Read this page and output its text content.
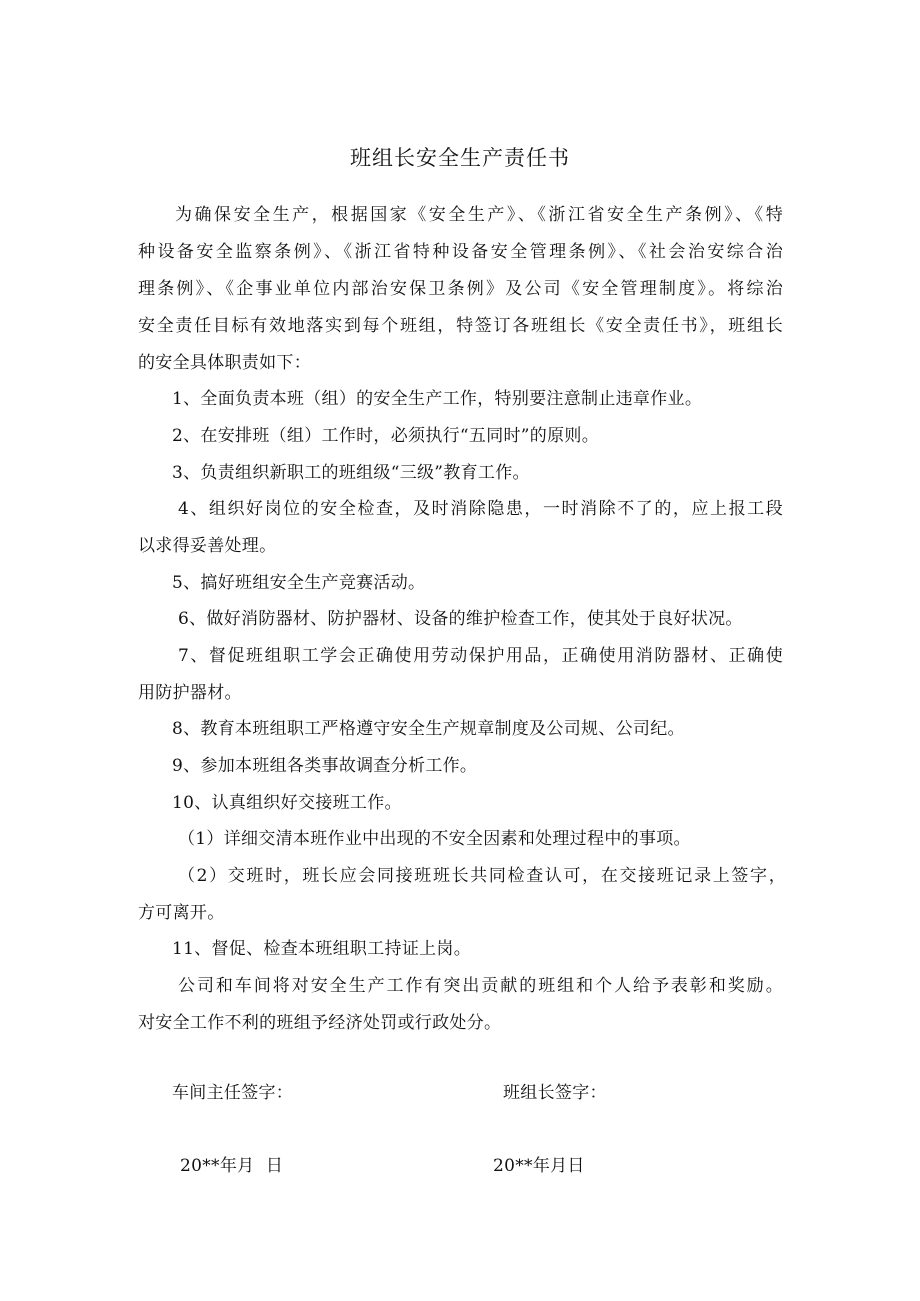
班组长安全生产责任书
为确保安全生产，根据国家《安全生产》、《浙江省安全生产条例》、《特
种设备安全监察条例》、《浙江省特种设备安全管理条例》、《社会治安综合治
理条例》、《企事业单位内部治安保卫条例》及公司《安全管理制度》。将综治
安全责任目标有效地落实到每个班组，特签订各班组长《安全责任书》，班组长
的安全具体职责如下：
1、全面负责本班（组）的安全生产工作，特别要注意制止违章作业。
2、在安排班（组）工作时，必须执行“五同时”的原则。
3、负责组织新职工的班组级“三级”教育工作。
4、组织好岗位的安全检查，及时消除隐患，一时消除不了的，应上报工段
以求得妥善处理。
5、搞好班组安全生产竞赛活动。
6、做好消防器材、防护器材、设备的维护检查工作，使其处于良好状况。
7、督促班组职工学会正确使用劳动保护用品，正确使用消防器材、正确使
用防护器材。
8、教育本班组职工严格遵守安全生产规章制度及公司规、公司纪。
9、参加本班组各类事故调查分析工作。
10、认真组织好交接班工作。
（1）详细交清本班作业中出现的不安全因素和处理过程中的事项。
（2）交班时，班长应会同接班班长共同检查认可，在交接班记录上签字，
方可离开。
11、督促、检查本班组职工持证上岗。
公司和车间将对安全生产工作有突出贡献的班组和个人给予表彰和奖励。
对安全工作不利的班组予经济处罚或行政处分。
车间主任签字：	班组长签字：
20**年月  日	20**年月日
